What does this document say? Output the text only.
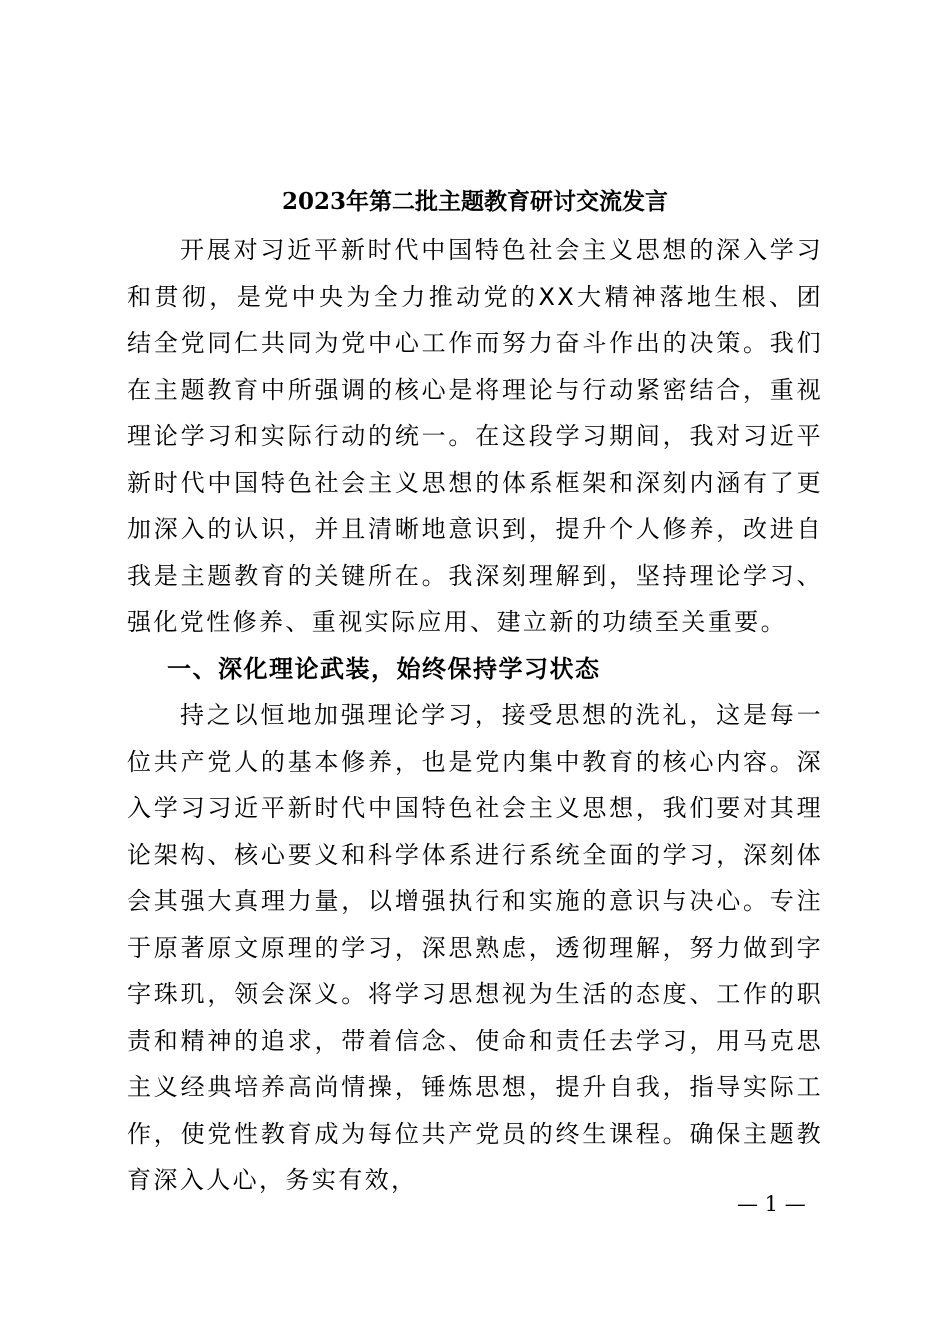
2023年第二批主题教育研讨交流发言

开展对习近平新时代中国特色社会主义思想的深入学习和贯彻，是党中央为全力推动党的XX大精神落地生根、团结全党同仁共同为党中心工作而努力奋斗作出的决策。我们在主题教育中所强调的核心是将理论与行动紧密结合，重视理论学习和实际行动的统一。在这段学习期间，我对习近平新时代中国特色社会主义思想的体系框架和深刻内涵有了更加深入的认识，并且清晰地意识到，提升个人修养，改进自我是主题教育的关键所在。我深刻理解到，坚持理论学习、强化党性修养、重视实际应用、建立新的功绩至关重要。

一、深化理论武装，始终保持学习状态

持之以恒地加强理论学习，接受思想的洗礼，这是每一位共产党人的基本修养，也是党内集中教育的核心内容。深入学习习近平新时代中国特色社会主义思想，我们要对其理论架构、核心要义和科学体系进行系统全面的学习，深刻体会其强大真理力量，以增强执行和实施的意识与决心。专注于原著原文原理的学习，深思熟虑，透彻理解，努力做到字字珠玑，领会深义。将学习思想视为生活的态度、工作的职责和精神的追求，带着信念、使命和责任去学习，用马克思主义经典培养高尚情操，锤炼思想，提升自我，指导实际工作，使党性教育成为每位共产党员的终生课程。确保主题教育深入人心，务实有效，

— 1 —
